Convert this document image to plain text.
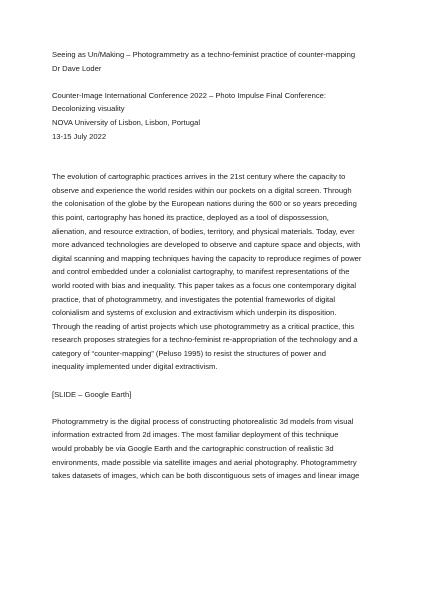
Seeing as Un/Making – Photogrammetry as a techno-feminist practice of counter-mapping

Dr Dave Loder

Counter-Image International Conference 2022 – Photo Impulse Final Conference:

Decolonizing visuality

NOVA University of Lisbon, Lisbon, Portugal

13-15 July 2022

The evolution of cartographic practices arrives in the 21st century where the capacity to

observe and experience the world resides within our pockets on a digital screen. Through

the colonisation of the globe by the European nations during the 600 or so years preceding

this point, cartography has honed its practice, deployed as a tool of dispossession,

alienation, and resource extraction, of bodies, territory, and physical materials. Today, ever

more advanced technologies are developed to observe and capture space and objects, with

digital scanning and mapping techniques having the capacity to reproduce regimes of power

and control embedded under a colonialist cartography, to manifest representations of the

world rooted with bias and inequality. This paper takes as a focus one contemporary digital

practice, that of photogrammetry, and investigates the potential frameworks of digital

colonialism and systems of exclusion and extractivism which underpin its disposition.

Through the reading of artist projects which use photogrammetry as a critical practice, this

research proposes strategies for a techno-feminist re-appropriation of the technology and a

category of “counter-mapping” (Peluso 1995) to resist the structures of power and

inequality implemented under digital extractivism.

[SLIDE – Google Earth]

Photogrammetry is the digital process of constructing photorealistic 3d models from visual

information extracted from 2d images. The most familiar deployment of this technique

would probably be via Google Earth and the cartographic construction of realistic 3d

environments, made possible via satellite images and aerial photography. Photogrammetry

takes datasets of images, which can be both discontiguous sets of images and linear image
